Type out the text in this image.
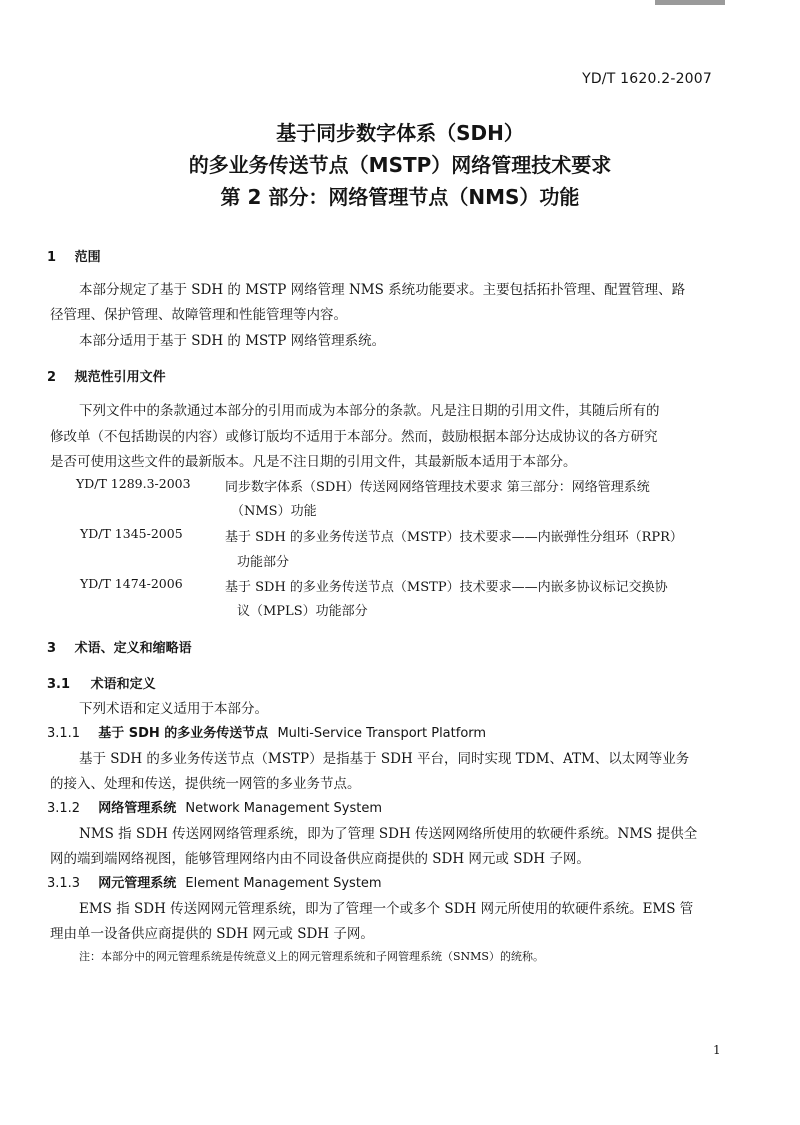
YD/T 1620.2-2007
基于同步数字体系（SDH）
的多业务传送节点（MSTP）网络管理技术要求
第 2 部分：网络管理节点（NMS）功能
1 范围
本部分规定了基于 SDH 的 MSTP 网络管理 NMS 系统功能要求。主要包括拓扑管理、配置管理、路
径管理、保护管理、故障管理和性能管理等内容。
本部分适用于基于 SDH 的 MSTP 网络管理系统。
2 规范性引用文件
下列文件中的条款通过本部分的引用而成为本部分的条款。凡是注日期的引用文件，其随后所有的
修改单（不包括勘误的内容）或修订版均不适用于本部分。然而，鼓励根据本部分达成协议的各方研究
是否可使用这些文件的最新版本。凡是不注日期的引用文件，其最新版本适用于本部分。
YD/T 1289.3-2003	同步数字体系（SDH）传送网网络管理技术要求 第三部分：网络管理系统
（NMS）功能
YD/T 1345-2005	基于 SDH 的多业务传送节点（MSTP）技术要求——内嵌弹性分组环（RPR）
功能部分
YD/T 1474-2006	基于 SDH 的多业务传送节点（MSTP）技术要求——内嵌多协议标记交换协
议（MPLS）功能部分
3 术语、定义和缩略语
3.1 术语和定义
下列术语和定义适用于本部分。
3.1.1 基于 SDH 的多业务传送节点 Multi-Service Transport Platform
基于 SDH 的多业务传送节点（MSTP）是指基于 SDH 平台，同时实现 TDM、ATM、以太网等业务
的接入、处理和传送，提供统一网管的多业务节点。
3.1.2 网络管理系统 Network Management System
NMS 指 SDH 传送网网络管理系统，即为了管理 SDH 传送网网络所使用的软硬件系统。NMS 提供全
网的端到端网络视图，能够管理网络内由不同设备供应商提供的 SDH 网元或 SDH 子网。
3.1.3 网元管理系统 Element Management System
EMS 指 SDH 传送网网元管理系统，即为了管理一个或多个 SDH 网元所使用的软硬件系统。EMS 管
理由单一设备供应商提供的 SDH 网元或 SDH 子网。
注：本部分中的网元管理系统是传统意义上的网元管理系统和子网管理系统（SNMS）的统称。
1
